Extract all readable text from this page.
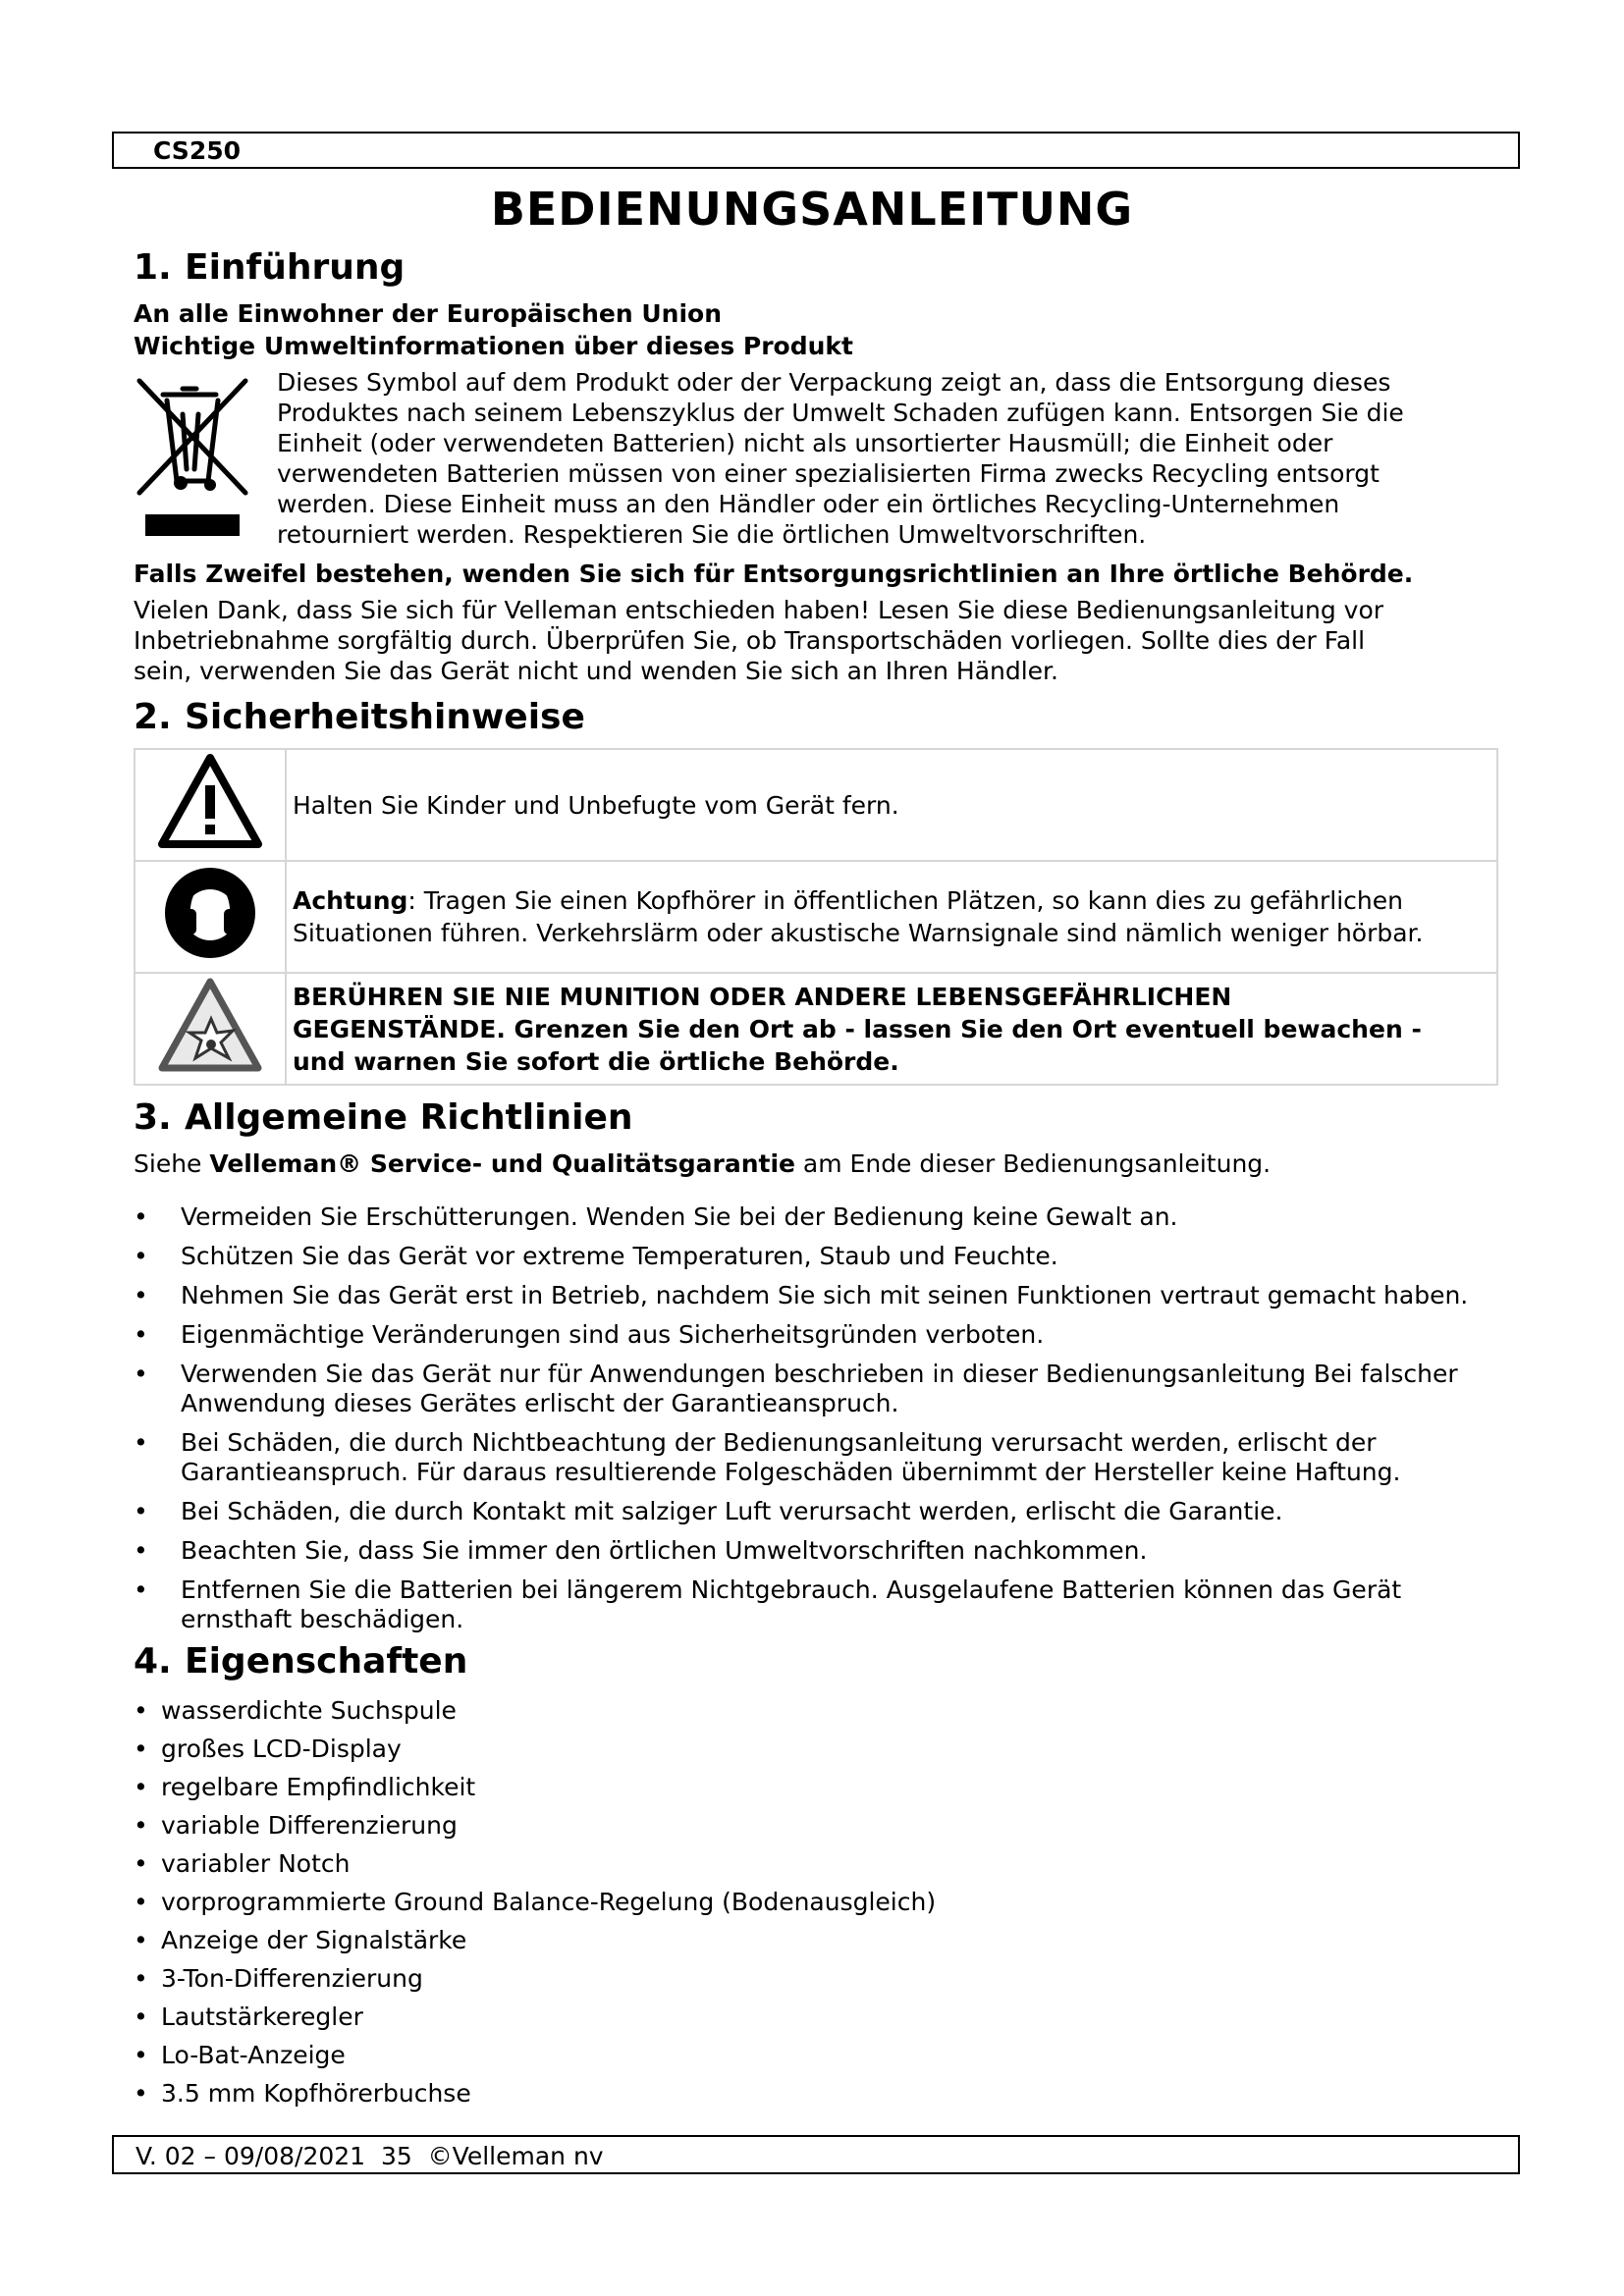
CS250
BEDIENUNGSANLEITUNG
1. Einführung
An alle Einwohner der Europäischen Union
Wichtige Umweltinformationen über dieses Produkt
Dieses Symbol auf dem Produkt oder der Verpackung zeigt an, dass die Entsorgung dieses
Produktes nach seinem Lebenszyklus der Umwelt Schaden zufügen kann. Entsorgen Sie die
Einheit (oder verwendeten Batterien) nicht als unsortierter Hausmüll; die Einheit oder
verwendeten Batterien müssen von einer spezialisierten Firma zwecks Recycling entsorgt
werden. Diese Einheit muss an den Händler oder ein örtliches Recycling-Unternehmen
retourniert werden. Respektieren Sie die örtlichen Umweltvorschriften.
Falls Zweifel bestehen, wenden Sie sich für Entsorgungsrichtlinien an Ihre örtliche Behörde.
Vielen Dank, dass Sie sich für Velleman entschieden haben! Lesen Sie diese Bedienungsanleitung vor
Inbetriebnahme sorgfältig durch. Überprüfen Sie, ob Transportschäden vorliegen. Sollte dies der Fall
sein, verwenden Sie das Gerät nicht und wenden Sie sich an Ihren Händler.
2. Sicherheitshinweise
	Halten Sie Kinder und Unbefugte vom Gerät fern.

Achtung: Tragen Sie einen Kopfhörer in öffentlichen Plätzen, so kann dies zu gefährlichen
Situationen führen. Verkehrslärm oder akustische Warnsignale sind nämlich weniger hörbar.

BERÜHREN SIE NIE MUNITION ODER ANDERE LEBENSGEFÄHRLICHEN
GEGENSTÄNDE. Grenzen Sie den Ort ab - lassen Sie den Ort eventuell bewachen -
und warnen Sie sofort die örtliche Behörde.
3. Allgemeine Richtlinien
Siehe Velleman® Service- und Qualitätsgarantie am Ende dieser Bedienungsanleitung.
• Vermeiden Sie Erschütterungen. Wenden Sie bei der Bedienung keine Gewalt an.
• Schützen Sie das Gerät vor extreme Temperaturen, Staub und Feuchte.
• Nehmen Sie das Gerät erst in Betrieb, nachdem Sie sich mit seinen Funktionen vertraut gemacht haben.
• Eigenmächtige Veränderungen sind aus Sicherheitsgründen verboten.
• Verwenden Sie das Gerät nur für Anwendungen beschrieben in dieser Bedienungsanleitung Bei falscher Anwendung dieses Gerätes erlischt der Garantieanspruch.
• Bei Schäden, die durch Nichtbeachtung der Bedienungsanleitung verursacht werden, erlischt der Garantieanspruch. Für daraus resultierende Folgeschäden übernimmt der Hersteller keine Haftung.
• Bei Schäden, die durch Kontakt mit salziger Luft verursacht werden, erlischt die Garantie.
• Beachten Sie, dass Sie immer den örtlichen Umweltvorschriften nachkommen.
• Entfernen Sie die Batterien bei längerem Nichtgebrauch. Ausgelaufene Batterien können das Gerät ernsthaft beschädigen.
4. Eigenschaften
• wasserdichte Suchspule
• großes LCD-Display
• regelbare Empfindlichkeit
• variable Differenzierung
• variabler Notch
• vorprogrammierte Ground Balance-Regelung (Bodenausgleich)
• Anzeige der Signalstärke
• 3-Ton-Differenzierung
• Lautstärkeregler
• Lo-Bat-Anzeige
• 3.5 mm Kopfhörerbuchse
V. 02 – 09/08/2021  35  ©Velleman nv
